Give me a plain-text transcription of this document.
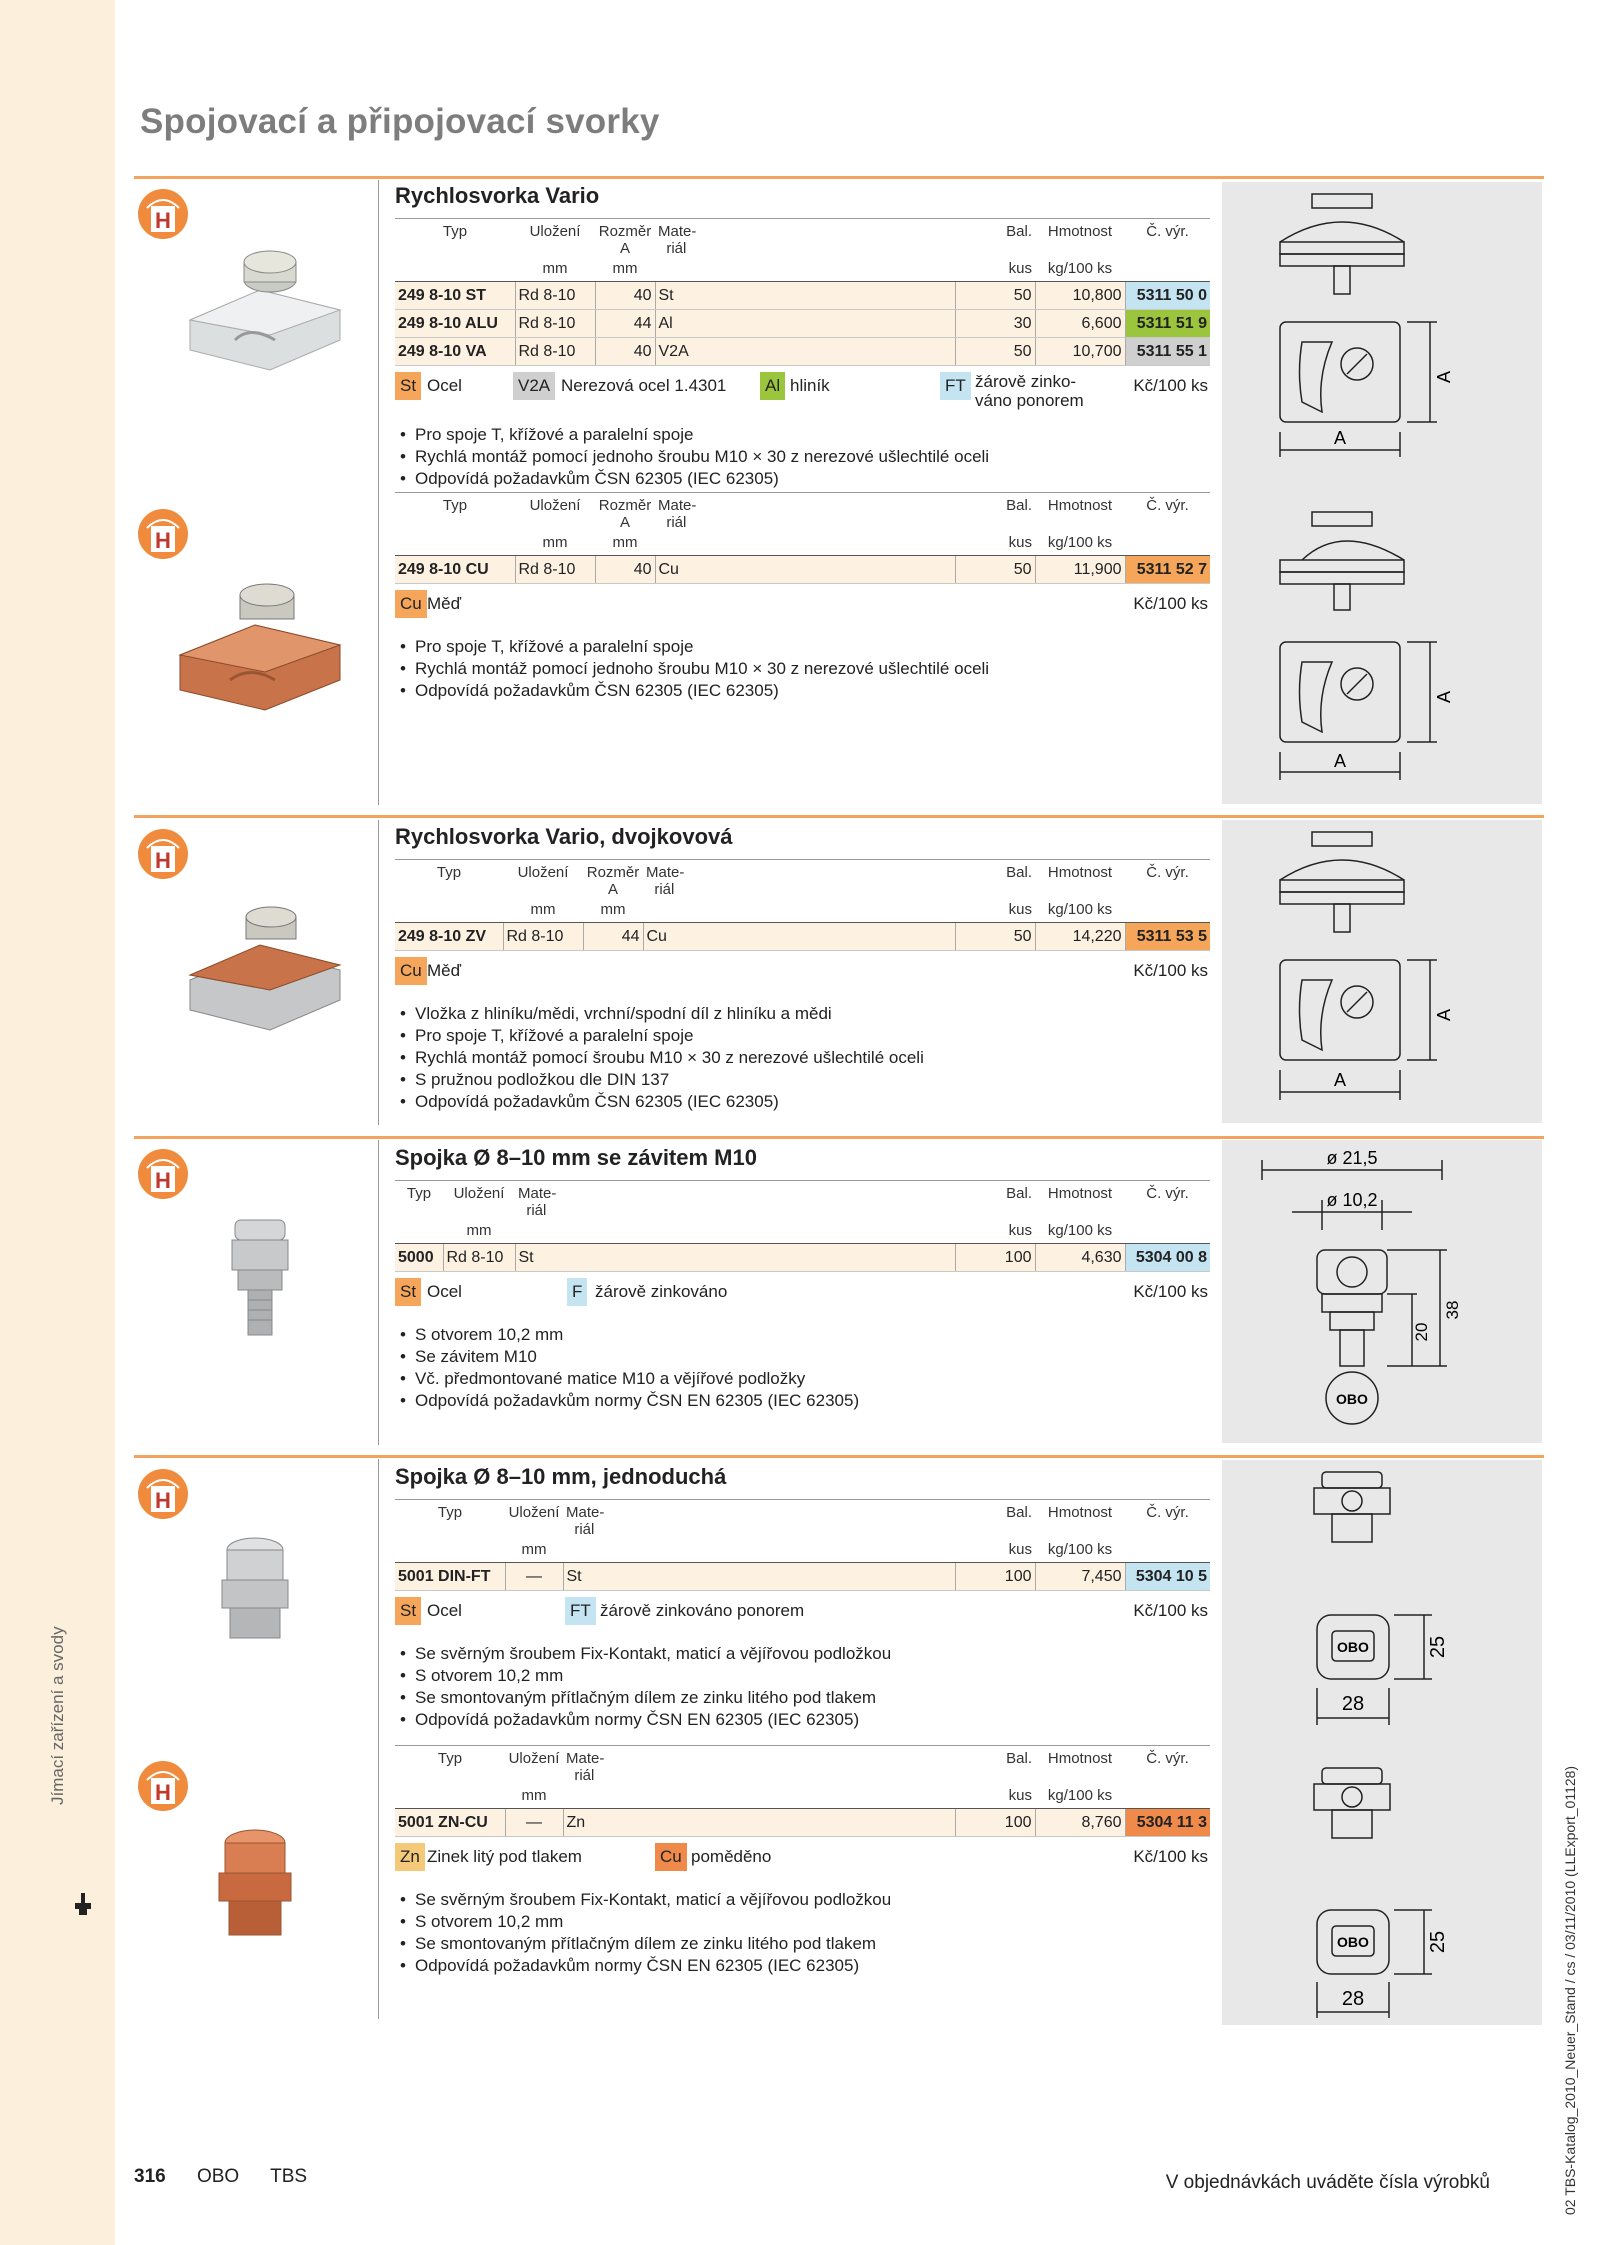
Jímací zařízení a svody
02 TBS-Katalog_2010_Neuer_Stand / cs / 03/11/2010 (LLExport_01128)
Spojovací a připojovací svorky
H
H
H
H
H
H
A
A
A
A
A
A
ø 21,5
ø 10,2
20
38
OBO
OBO
OBO
28
25
28
25
Rychlosvorka Vario
Typ	Uložení	Rozměr
A	Mate-
riál	Bal.	Hmotnost	Č. výr.
	mm	mm		kus	kg/100 ks	
249 8-10 ST	Rd 8-10	40	St	50	10,800	5311 50 0
249 8-10 ALU	Rd 8-10	44	Al	30	6,600	5311 51 9
249 8-10 VA	Rd 8-10	40	V2A	50	10,700	5311 55 1
St Ocel	V2A Nerezová ocel 1.4301 Al hliník	FT žárově zinko-
váno ponorem
Kč/100 ks
• Pro spoje T, křížové a paralelní spoje
• Rychlá montáž pomocí jednoho šroubu M10 × 30 z nerezové ušlechtilé oceli
• Odpovídá požadavkům ČSN 62305 (IEC 62305)
Typ	Uložení	Rozměr
A	Mate-
riál	Bal.	Hmotnost	Č. výr.
	mm	mm		kus	kg/100 ks	
249 8-10 CU	Rd 8-10	40	Cu	50	11,900	5311 52 7
Cu Měď	Kč/100 ks
• Pro spoje T, křížové a paralelní spoje
• Rychlá montáž pomocí jednoho šroubu M10 × 30 z nerezové ušlechtilé oceli
• Odpovídá požadavkům ČSN 62305 (IEC 62305)
Rychlosvorka Vario, dvojkovová
Typ	Uložení	Rozměr
A	Mate-
riál	Bal.	Hmotnost	Č. výr.
	mm	mm		kus	kg/100 ks	
249 8-10 ZV	Rd 8-10	44	Cu	50	14,220	5311 53 5
Cu Měď	Kč/100 ks
• Vložka z hliníku/mědi, vrchní/spodní díl z hliníku a mědi
• Pro spoje T, křížové a paralelní spoje
• Rychlá montáž pomocí šroubu M10 × 30 z nerezové ušlechtilé oceli
• S pružnou podložkou dle DIN 137
• Odpovídá požadavkům ČSN 62305 (IEC 62305)
Spojka Ø 8–10 mm se závitem M10
Typ	Uložení	Mate-
riál	Bal.	Hmotnost	Č. výr.
	mm		kus	kg/100 ks	
5000	Rd 8-10	St	100	4,630	5304 00 8
St Ocel	F žárově zinkováno	Kč/100 ks
• S otvorem 10,2 mm
• Se závitem M10
• Vč. předmontované matice M10 a vějířové podložky
• Odpovídá požadavkům normy ČSN EN 62305 (IEC 62305)
Spojka Ø 8–10 mm, jednoduchá
Typ	Uložení	Mate-
riál	Bal.	Hmotnost	Č. výr.
	mm		kus	kg/100 ks	
5001 DIN-FT	—	St	100	7,450	5304 10 5
St Ocel	FT žárově zinkováno ponorem	Kč/100 ks
• Se svěrným šroubem Fix-Kontakt, maticí a vějířovou podložkou
• S otvorem 10,2 mm
• Se smontovaným přítlačným dílem ze zinku litého pod tlakem
• Odpovídá požadavkům normy ČSN EN 62305 (IEC 62305)
Typ	Uložení	Mate-
riál	Bal.	Hmotnost	Č. výr.
	mm		kus	kg/100 ks	
5001 ZN-CU	—	Zn	100	8,760	5304 11 3
Zn Zinek litý pod tlakem	Cu poměděno	Kč/100 ks
• Se svěrným šroubem Fix-Kontakt, maticí a vějířovou podložkou
• S otvorem 10,2 mm
• Se smontovaným přítlačným dílem ze zinku litého pod tlakem
• Odpovídá požadavkům normy ČSN EN 62305 (IEC 62305)
316 OBO TBS	V objednávkách uváděte čísla výrobků
